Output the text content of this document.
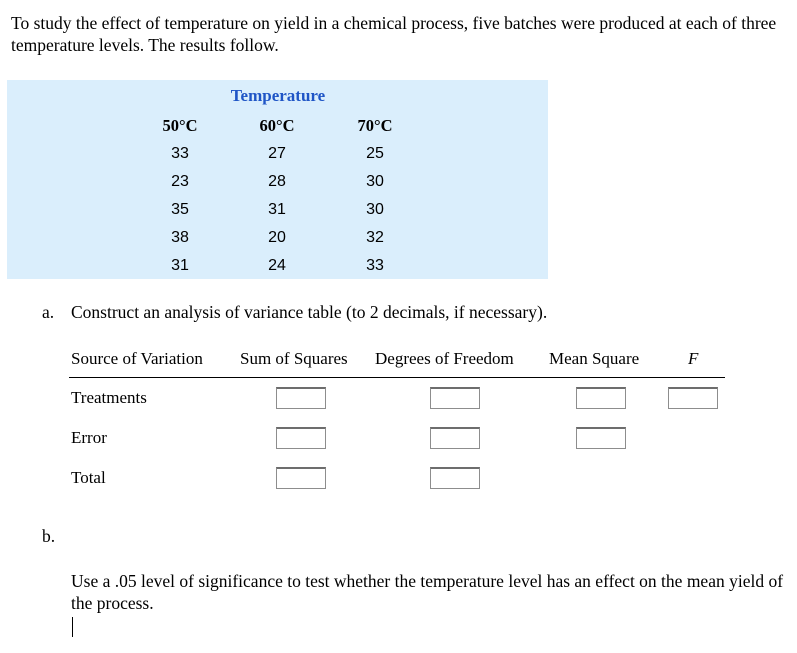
To study the effect of temperature on yield in a chemical process, five batches were produced at each of three temperature levels. The results follow.
Temperature
50°C
33
23
35
38
31
60°C
27
28
31
20
24
70°C
25
30
30
32
33
a. Construct an analysis of variance table (to 2 decimals, if necessary).
Source of Variation Sum of Squares Degrees of Freedom Mean Square	F
Treatments
Error
Total
b.
Use a .05 level of significance to test whether the temperature level has an effect on the mean yield of the process.
